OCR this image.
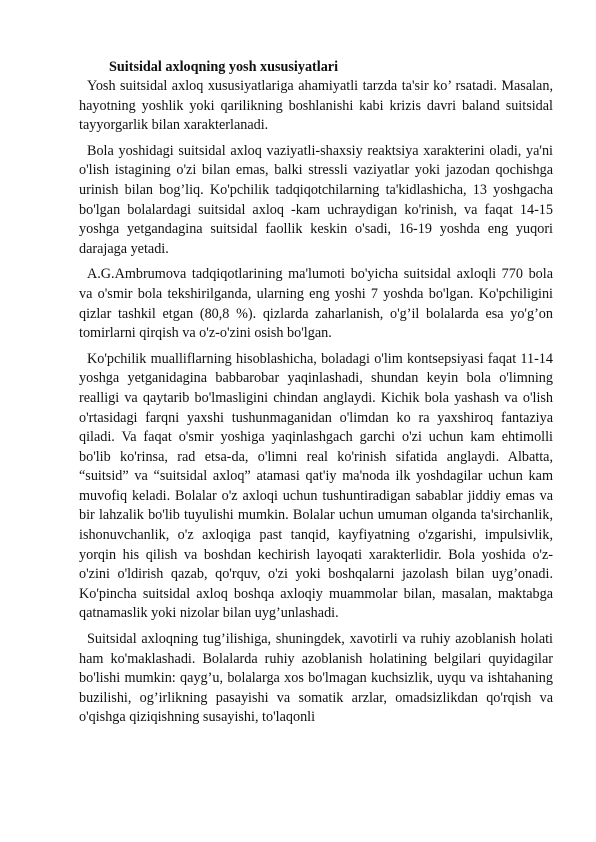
Suitsidal axloqning yosh xususiyatlari

Yosh suitsidal axloq xususiyatlariga ahamiyatli tarzda ta'sir ko’ rsatadi. Masalan, hayotning yoshlik yoki qarilikning boshlanishi kabi krizis davri baland suitsidal tayyorgarlik bilan xarakterlanadi.

Bola yoshidagi suitsidal axloq vaziyatli-shaxsiy reaktsiya xarakterini oladi, ya'ni o'lish istagining o'zi bilan emas, balki stressli vaziyatlar yoki jazodan qochishga urinish bilan bog’liq. Ko'pchilik tadqiqotchilarning ta'kidlashicha, 13 yoshgacha bo'lgan bolalardagi suitsidal axloq -kam uchraydigan ko'rinish, va faqat 14-15 yoshga yetgandagina suitsidal faollik keskin o'sadi, 16-19 yoshda eng yuqori darajaga yetadi.

A.G.Ambrumova tadqiqotlarining ma'lumoti bo'yicha suitsidal axloqli 770 bola va o'smir bola tekshirilganda, ularning eng yoshi 7 yoshda bo'lgan. Ko'pchiligini qizlar tashkil etgan (80,8 %). qizlarda zaharlanish, o'g’il bolalarda esa yo'g’on tomirlarni qirqish va o'z-o'zini osish bo'lgan.

Ko'pchilik mualliflarning hisoblashicha, boladagi o'lim kontsepsiyasi faqat 11-14 yoshga yetganidagina babbarobar yaqinlashadi, shundan keyin bola o'limning realligi va qaytarib bo'lmasligini chindan anglaydi. Kichik bola yashash va o'lish o'rtasidagi farqni yaxshi tushunmaganidan o'limdan ko ra yaxshiroq fantaziya qiladi. Va faqat o'smir yoshiga yaqinlashgach garchi o'zi uchun kam ehtimolli bo'lib ko'rinsa, rad etsa-da, o'limni real ko'rinish sifatida anglaydi. Albatta, “suitsid” va “suitsidal axloq” atamasi qat'iy ma'noda ilk yoshdagilar uchun kam muvofiq keladi. Bolalar o'z axloqi uchun tushuntiradigan sabablar jiddiy emas va bir lahzalik bo'lib tuyulishi mumkin. Bolalar uchun umuman olganda ta'sirchanlik, ishonuvchanlik, o'z axloqiga past tanqid, kayfiyatning o'zgarishi, impulsivlik, yorqin his qilish va boshdan kechirish layoqati xarakterlidir. Bola yoshida o'z- o'zini o'ldirish qazab, qo'rquv, o'zi yoki boshqalarni jazolash bilan uyg’onadi. Ko'pincha suitsidal axloq boshqa axloqiy muammolar bilan, masalan, maktabga qatnamaslik yoki nizolar bilan uyg’unlashadi.

Suitsidal axloqning tug’ilishiga, shuningdek, xavotirli va ruhiy azoblanish holati ham ko'maklashadi. Bolalarda ruhiy azoblanish holatining belgilari quyidagilar bo'lishi mumkin: qayg’u, bolalarga xos bo'lmagan kuchsizlik, uyqu va ishtahaning buzilishi, og’irlikning pasayishi va somatik arzlar, omadsizlikdan qo'rqish va o'qishga qiziqishning susayishi, to'laqonli
